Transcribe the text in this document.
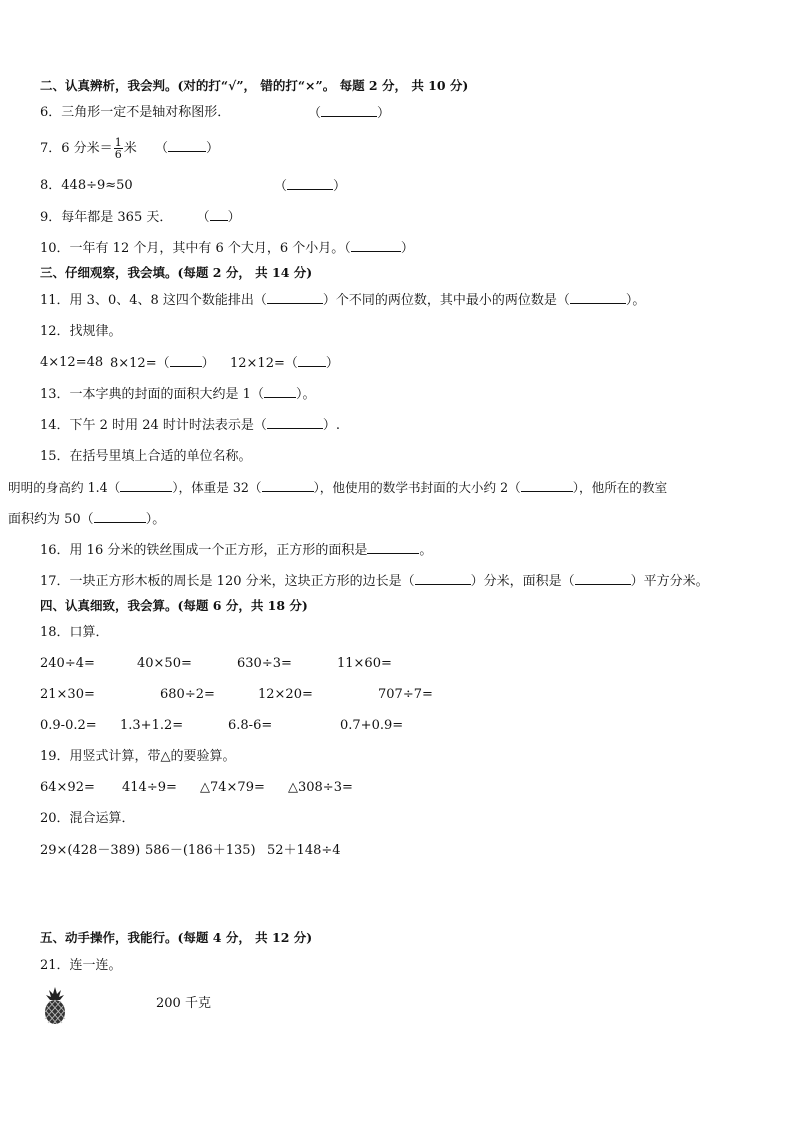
二、认真辨析，我会判。(对的打“√”， 错的打“×”。 每题 2 分， 共 10 分)
6．三角形一定不是轴对称图形．	（	）
7．6 分米＝ $\frac{1}{6}$ 米 （	）
8．448÷9≈50	（	）
9．每年都是 365 天． （ ）
10．一年有 12 个月，其中有 6 个大月，6 个小月。（	）
三、仔细观察，我会填。(每题 2 分， 共 14 分)
11．用 3、0、4、8 这四个数能排出（	）个不同的两位数，其中最小的两位数是（	）。
12．找规律。
4×12=48 8×12=（ ） 12×12=（ ）
13．一本字典的封面的面积大约是 1（ ）。
14．下午 2 时用 24 时计时法表示是（	）.
15．在括号里填上合适的单位名称。
明明的身高约 1.4（	），体重是 32（	），他使用的数学书封面的大小约 2（	），他所在的教室
面积约为 50（	）。
16．用 16 分米的铁丝围成一个正方形，正方形的面积是	。
17．一块正方形木板的周长是 120 分米，这块正方形的边长是（	）分米，面积是（	）平方分米。
四、认真细致，我会算。(每题 6 分，共 18 分)
18．口算．
240÷4=	40×50=	630÷3=	11×60=
21×30=	680÷2=	12×20=	707÷7=
0.9-0.2= 1.3+1.2=	6.8-6=	0.7+0.9=
19．用竖式计算，带△的要验算。
64×92= 414÷9= △74×79= △308÷3=
20．混合运算．
29×(428－389) 586－(186＋135) 52＋148÷4
五、动手操作，我能行。(每题 4 分， 共 12 分)
21．连一连。
200 千克
